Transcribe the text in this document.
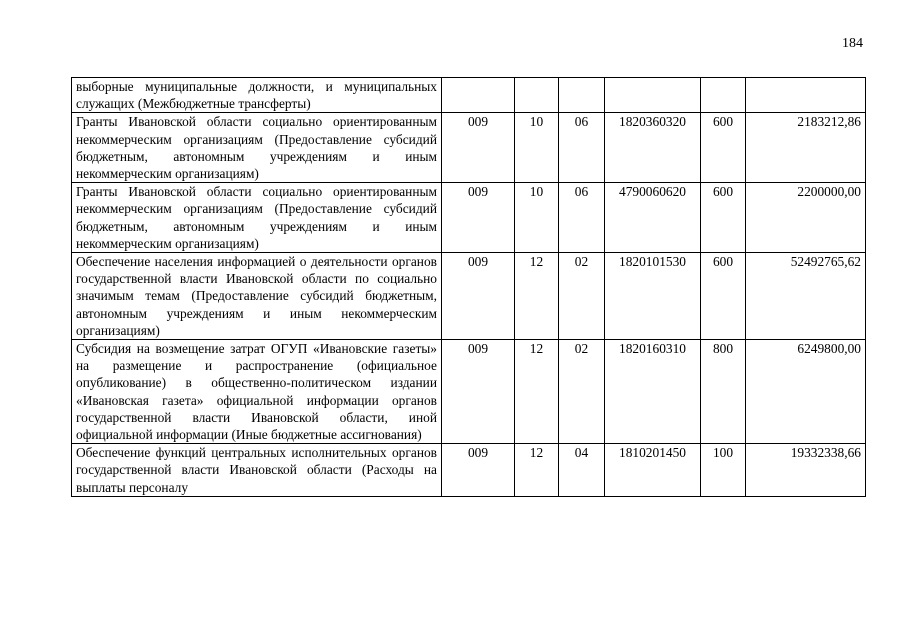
184
выборные муниципальные должности, и муниципальных служащих (Межбюджетные трансферты)						
Гранты Ивановской области социально ориентированным некоммерческим организациям (Предоставление субсидий бюджетным, автономным учреждениям и иным некоммерческим организациям)	009	10	06	1820360320	600	2183212,86
Гранты Ивановской области социально ориентированным некоммерческим организациям (Предоставление субсидий бюджетным, автономным учреждениям и иным некоммерческим организациям)	009	10	06	4790060620	600	2200000,00
Обеспечение населения информацией о деятельности органов государственной власти Ивановской области по социально значимым темам (Предоставление субсидий бюджетным, автономным учреждениям и иным некоммерческим организациям)	009	12	02	1820101530	600	52492765,62
Субсидия на возмещение затрат ОГУП «Ивановские газеты» на размещение и распространение (официальное опубликование) в общественно-политическом издании «Ивановская газета» официальной информации органов государственной власти Ивановской области, иной официальной информации (Иные бюджетные ассигнования)	009	12	02	1820160310	800	6249800,00
Обеспечение функций центральных исполнительных органов государственной власти Ивановской области (Расходы на выплаты персоналу	009	12	04	1810201450	100	19332338,66
